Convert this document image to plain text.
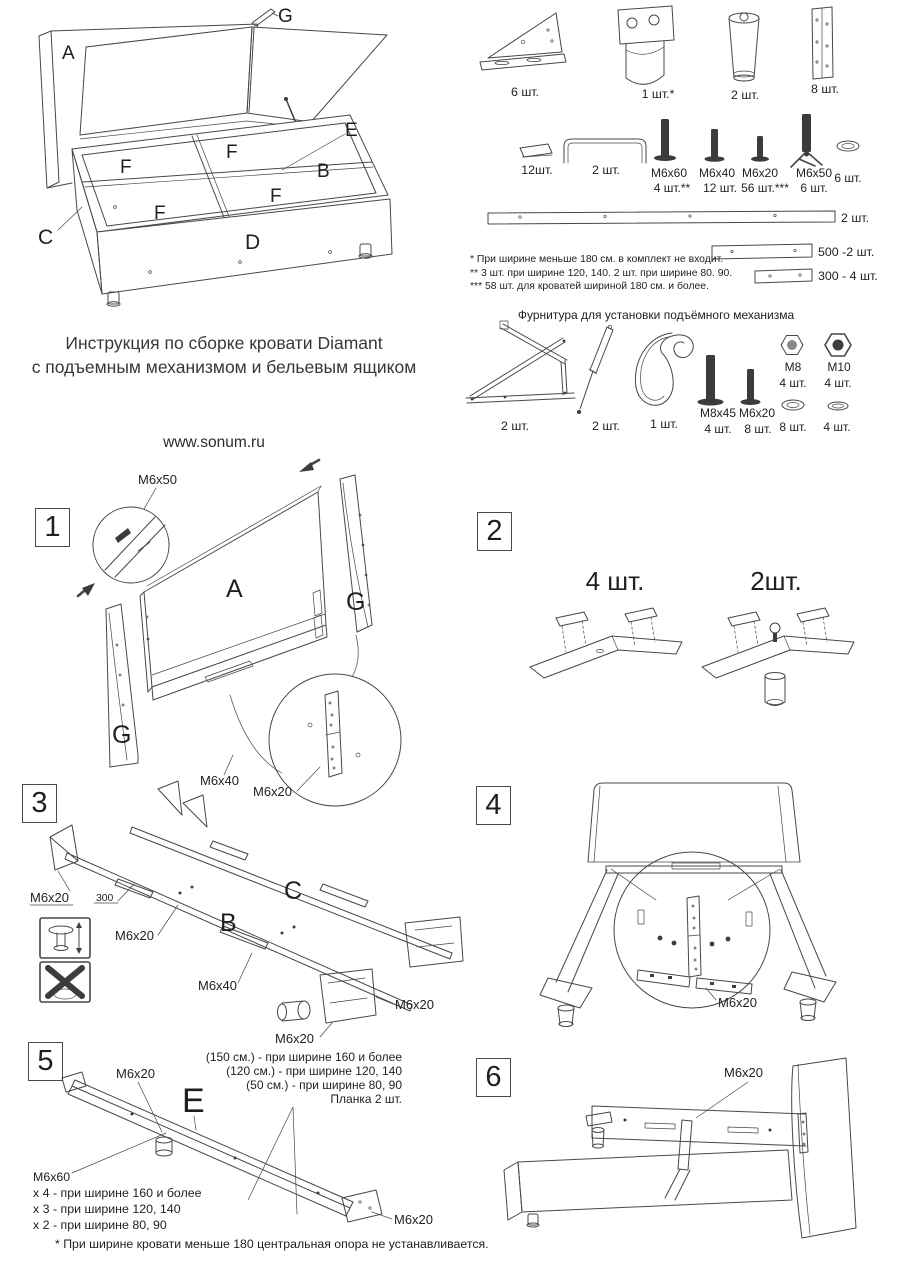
A
G
E
F
F	B
F
F
D
C
Инструкция по сборке кровати Diamant
с подъемным механизмом и бельевым ящиком
www.sonum.ru
6 шт.	1 шт.*	2 шт.	8 шт.
12шт.	2 шт.	M6x60
4 шт.**
M6x40
12 шт.
M6x20
56 шт.***
M6x50
6 шт.
6 шт.
2 шт.
500 -2 шт.
300 - 4 шт.
* При ширине меньше 180 см. в комплект не входит.
** 3 шт. при ширине 120, 140. 2 шт. при ширине 80. 90.
*** 58 шт. для кроватей шириной 180 см. и более.
Фурнитура для установки подъёмного механизма
2 шт.	2 шт. 1 шт.
M8x45
4 шт.
M6x20
8 шт.
M8
4 шт.
M10
4 шт.
8 шт. 4 шт.
1
M6x50
A	G
G
M6x40
M6x20
2
4 шт.	2шт.
3
B
C
M6x20	300
M6x20
M6x40
M6x20
M6x20
4
M6x20
5	M6x20
E
(150 см.) - при ширине 160 и более
(120 см.) - при ширине 120, 140
(50 см.) - при ширине 80, 90
Планка 2 шт.
M6x60
х 4 - при ширине 160 и более
х 3 - при ширине 120, 140
х 2 - при ширине 80, 90	M6x20
6	M6x20
* При ширине кровати меньше 180 центральная опора не устанавливается.
